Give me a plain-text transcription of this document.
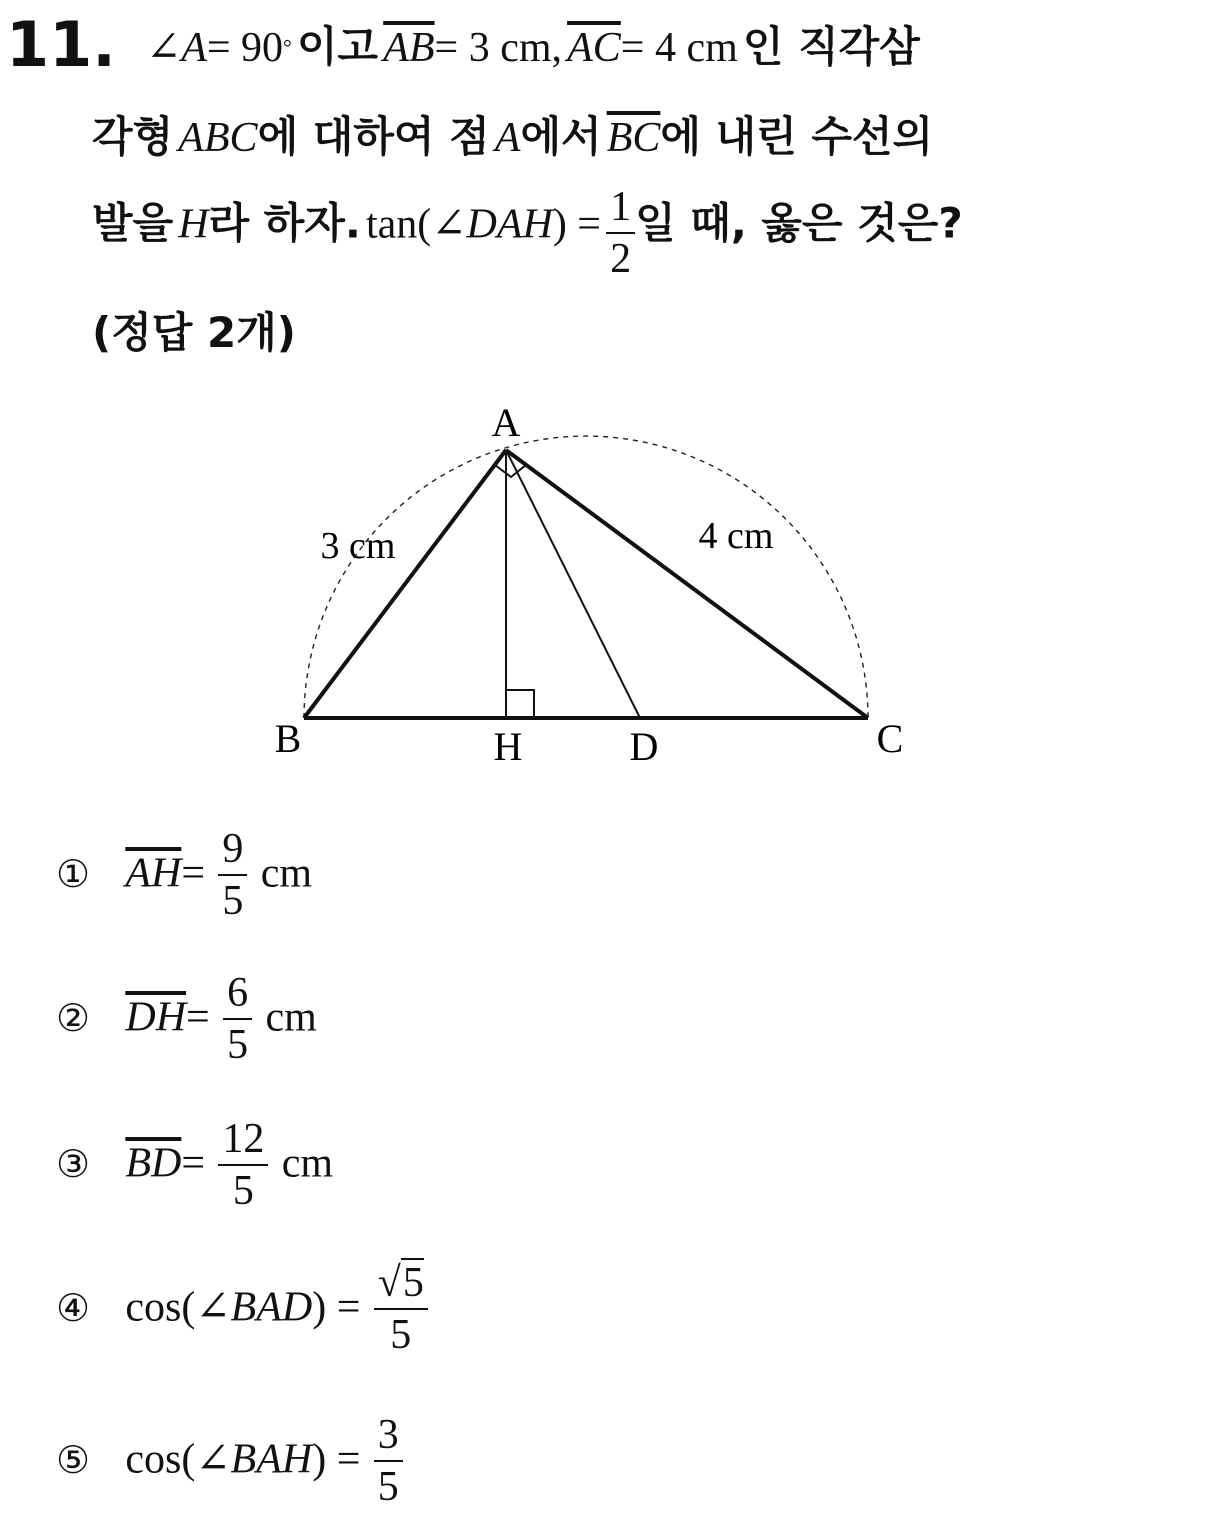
11. ∠A= 90° 이고 $\overline{AB}= 3$ cm, $\overline{AC}= 4$ cm 인 직각삼
각형 ABC에 대하여 점 A에서 $\overline{BC}$에 내린 수선의
발을 H라 하자. tan(∠DAH) = $\frac{1}{2}$ 일 때, 옳은 것은?
(정답 2개)
A
B	C
H	D
3 cm	4 cm
① $\overline{AH}= \frac{9}{5}$ cm
② $\overline{DH}= \frac{6}{5}$ cm
③ $\overline{BD}= \frac{12}{5}$ cm
④ cos(∠BAD) = $\frac{√5}{5}$
⑤ cos(∠BAH) = $\frac{3}{5}$
